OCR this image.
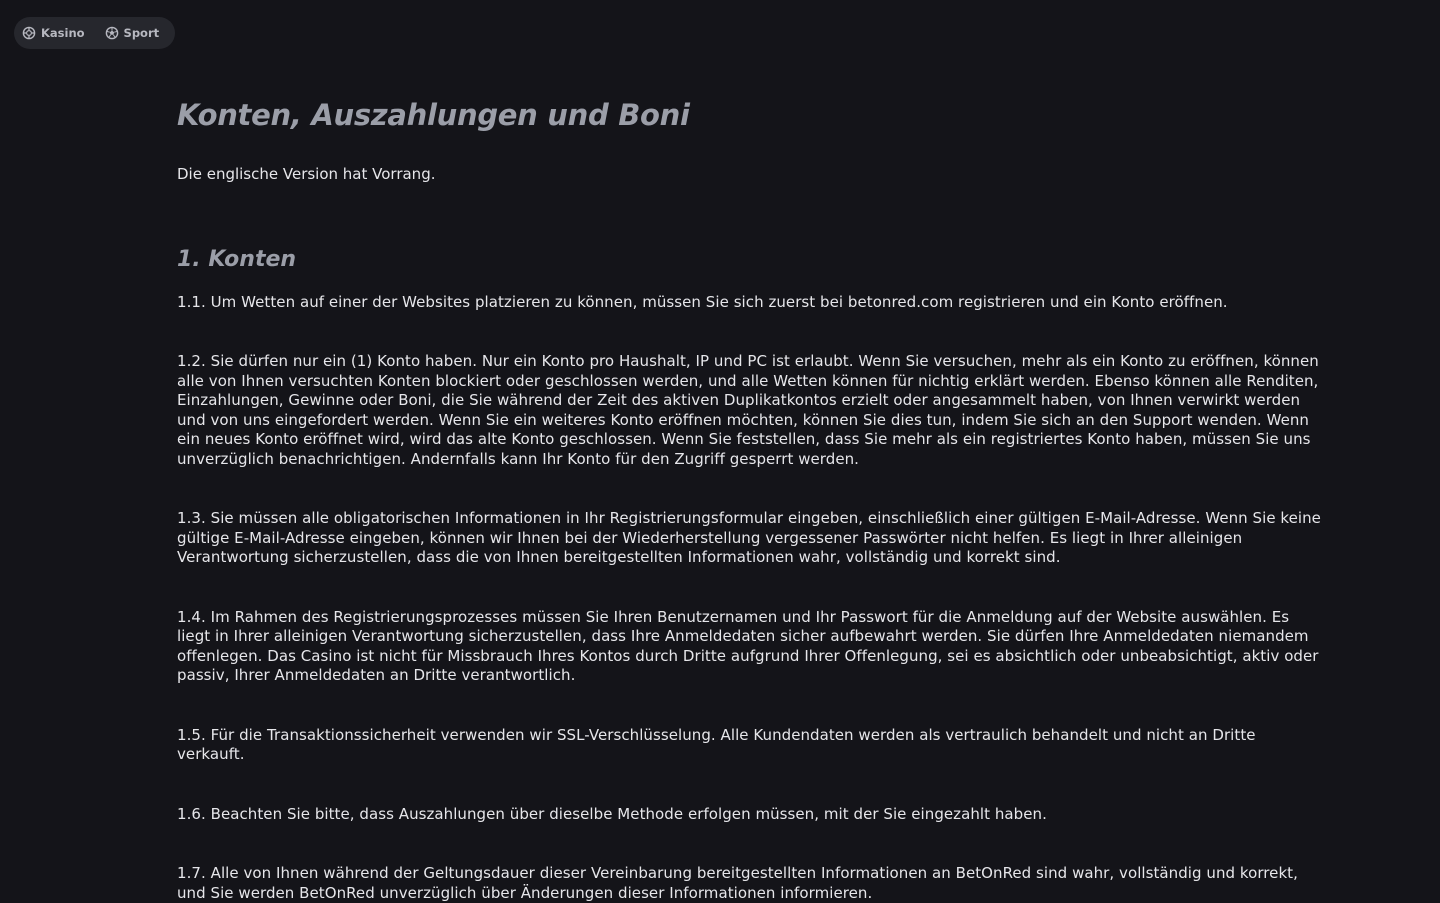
Kasino	Sport
Konten, Auszahlungen und Boni

Die englische Version hat Vorrang.

1. Konten

1.1. Um Wetten auf einer der Websites platzieren zu können, müssen Sie sich zuerst bei betonred.com registrieren und ein Konto eröffnen.

1.2. Sie dürfen nur ein (1) Konto haben. Nur ein Konto pro Haushalt, IP und PC ist erlaubt. Wenn Sie versuchen, mehr als ein Konto zu eröffnen, können alle von Ihnen versuchten Konten blockiert oder geschlossen werden, und alle Wetten können für nichtig erklärt werden. Ebenso können alle Renditen, Einzahlungen, Gewinne oder Boni, die Sie während der Zeit des aktiven Duplikatkontos erzielt oder angesammelt haben, von Ihnen verwirkt werden und von uns eingefordert werden. Wenn Sie ein weiteres Konto eröffnen möchten, können Sie dies tun, indem Sie sich an den Support wenden. Wenn ein neues Konto eröffnet wird, wird das alte Konto geschlossen. Wenn Sie feststellen, dass Sie mehr als ein registriertes Konto haben, müssen Sie uns unverzüglich benachrichtigen. Andernfalls kann Ihr Konto für den Zugriff gesperrt werden.

1.3. Sie müssen alle obligatorischen Informationen in Ihr Registrierungsformular eingeben, einschließlich einer gültigen E-Mail-Adresse. Wenn Sie keine gültige E-Mail-Adresse eingeben, können wir Ihnen bei der Wiederherstellung vergessener Passwörter nicht helfen. Es liegt in Ihrer alleinigen Verantwortung sicherzustellen, dass die von Ihnen bereitgestellten Informationen wahr, vollständig und korrekt sind.

1.4. Im Rahmen des Registrierungsprozesses müssen Sie Ihren Benutzernamen und Ihr Passwort für die Anmeldung auf der Website auswählen. Es liegt in Ihrer alleinigen Verantwortung sicherzustellen, dass Ihre Anmeldedaten sicher aufbewahrt werden. Sie dürfen Ihre Anmeldedaten niemandem offenlegen. Das Casino ist nicht für Missbrauch Ihres Kontos durch Dritte aufgrund Ihrer Offenlegung, sei es absichtlich oder unbeabsichtigt, aktiv oder passiv, Ihrer Anmeldedaten an Dritte verantwortlich.

1.5. Für die Transaktionssicherheit verwenden wir SSL-Verschlüsselung. Alle Kundendaten werden als vertraulich behandelt und nicht an Dritte verkauft.

1.6. Beachten Sie bitte, dass Auszahlungen über dieselbe Methode erfolgen müssen, mit der Sie eingezahlt haben.

1.7. Alle von Ihnen während der Geltungsdauer dieser Vereinbarung bereitgestellten Informationen an BetOnRed sind wahr, vollständig und korrekt, und Sie werden BetOnRed unverzüglich über Änderungen dieser Informationen informieren.
